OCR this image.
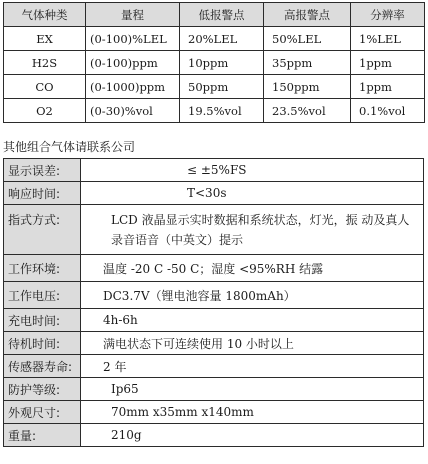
气体种类	量程	低报警点	高报警点	分辨率
EX	(0-100)%LEL	20%LEL	50%LEL	1%LEL
H2S	(0-100)ppm	10ppm	35ppm	1ppm
CO	(0-1000)ppm	50ppm	150ppm	1ppm
O2	(0-30)%vol	19.5%vol	23.5%vol	0.1%vol
其他组合气体请联系公司
显示误差:	≤ ±5%FS
响应时间:	T<30s
指式方式:	LCD 液晶显示实时数据和系统状态，灯光，振 动及真人录音语音（中英文）提示
工作环境:	温度 -20 C -50 C；湿度 <95%RH 结露
工作电压:	DC3.7V（锂电池容量 1800mAh）
充电时间:	4h-6h
待机时间:	满电状态下可连续使用 10 小时以上
传感器寿命:	2 年
防护等级:	Ip65
外观尺寸:	70mm x35mm x140mm
重量:	210g
